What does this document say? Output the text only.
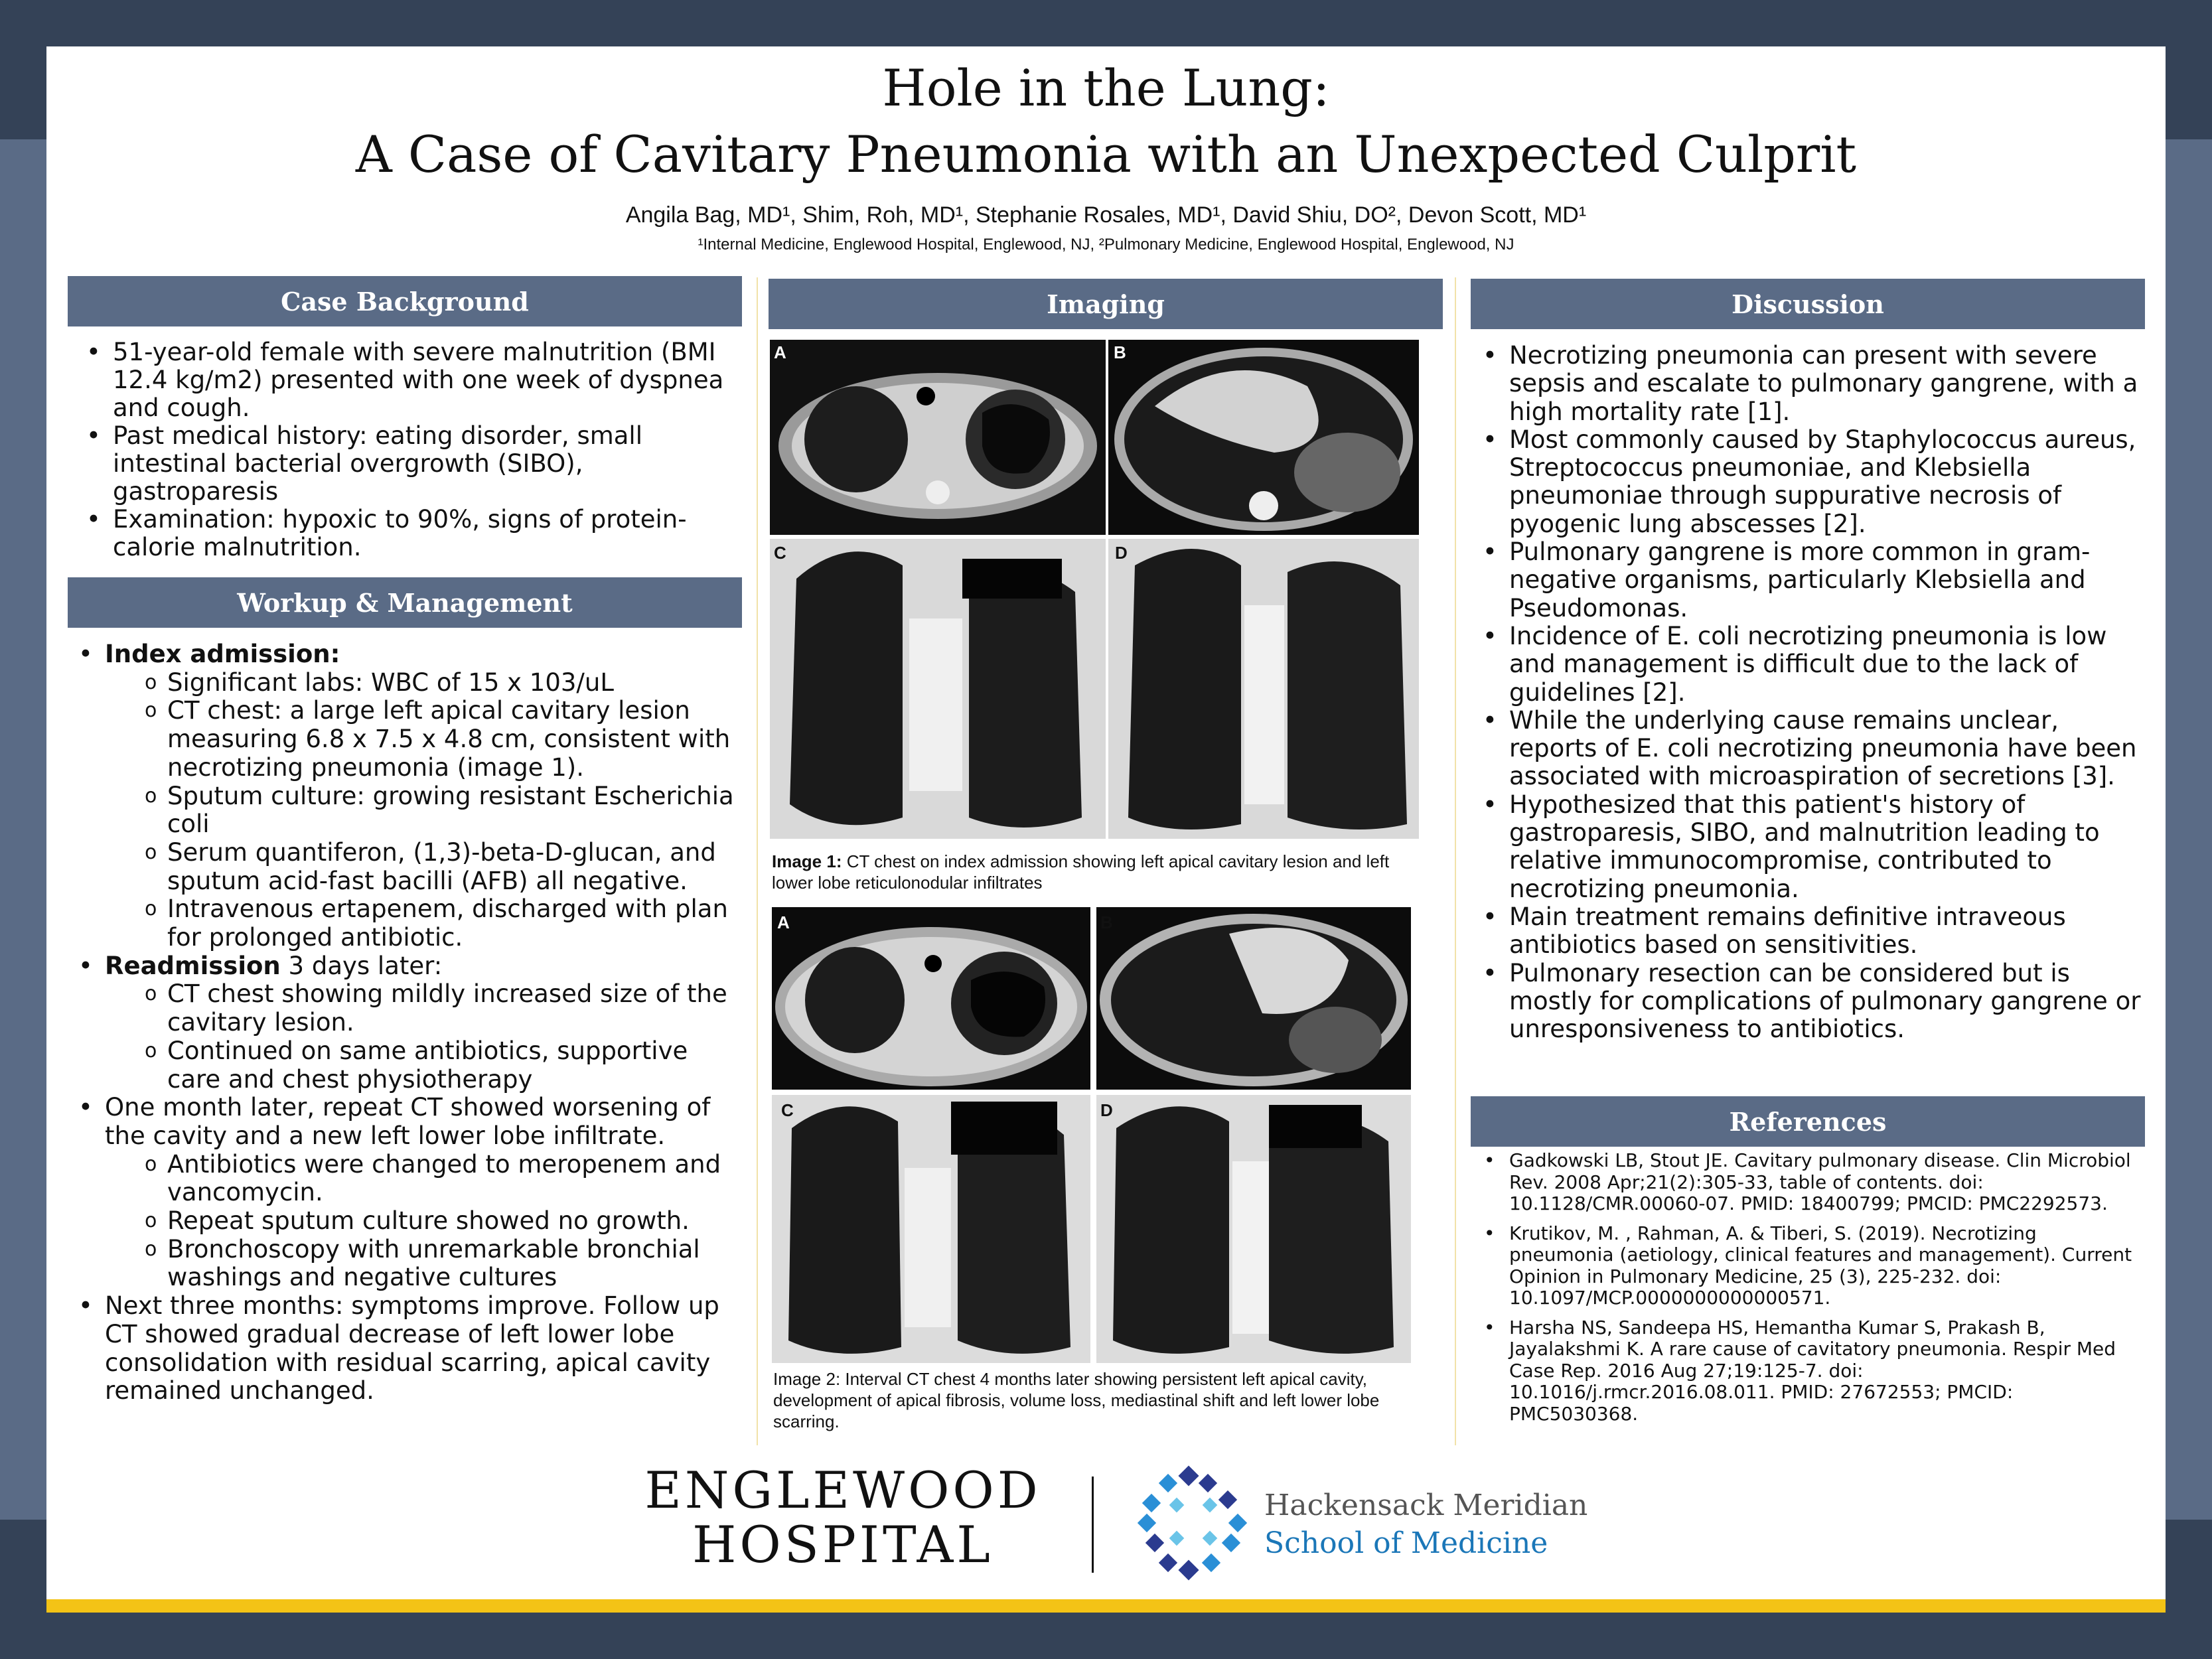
Hole in the Lung:
A Case of Cavitary Pneumonia with an Unexpected Culprit
Angila Bag, MD¹, Shim, Roh, MD¹, Stephanie Rosales, MD¹, David Shiu, DO², Devon Scott, MD¹
¹Internal Medicine, Englewood Hospital, Englewood, NJ, ²Pulmonary Medicine, Englewood Hospital, Englewood, NJ
Case Background
• 51-year-old female with severe malnutrition (BMI 12.4 kg/m2) presented with one week of dyspnea and cough.
• Past medical history: eating disorder, small intestinal bacterial overgrowth (SIBO), gastroparesis
• Examination: hypoxic to 90%, signs of protein-calorie malnutrition.
Workup & Management
• Index admission:
o Significant labs: WBC of 15 x 103/uL
o CT chest: a large left apical cavitary lesion measuring 6.8 x 7.5 x 4.8 cm, consistent with necrotizing pneumonia (image 1).
o Sputum culture: growing resistant Escherichia coli
o Serum quantiferon, (1,3)-beta-D-glucan, and sputum acid-fast bacilli (AFB) all negative.
o Intravenous ertapenem, discharged with plan for prolonged antibiotic.
• Readmission 3 days later:
o CT chest showing mildly increased size of the cavitary lesion.
o Continued on same antibiotics, supportive care and chest physiotherapy
• One month later, repeat CT showed worsening of the cavity and a new left lower lobe infiltrate.
o Antibiotics were changed to meropenem and vancomycin.
o Repeat sputum culture showed no growth.
o Bronchoscopy with unremarkable bronchial washings and negative cultures
• Next three months: symptoms improve. Follow up CT showed gradual decrease of left lower lobe consolidation with residual scarring, apical cavity remained unchanged.
Imaging
A	B
C	D
Image 1: CT chest on index admission showing left apical cavitary lesion and left lower lobe reticulonodular infiltrates
A	B
C	D
Image 2: Interval CT chest 4 months later showing persistent left apical cavity, development of apical fibrosis, volume loss, mediastinal shift and left lower lobe scarring.
Discussion
• Necrotizing pneumonia can present with severe sepsis and escalate to pulmonary gangrene, with a high mortality rate [1].
• Most commonly caused by Staphylococcus aureus, Streptococcus pneumoniae, and Klebsiella pneumoniae through suppurative necrosis of pyogenic lung abscesses [2].
• Pulmonary gangrene is more common in gram-negative organisms, particularly Klebsiella and Pseudomonas.
• Incidence of E. coli necrotizing pneumonia is low and management is difficult due to the lack of guidelines [2].
• While the underlying cause remains unclear, reports of E. coli necrotizing pneumonia have been associated with microaspiration of secretions [3].
• Hypothesized that this patient's history of gastroparesis, SIBO, and malnutrition leading to relative immunocompromise, contributed to necrotizing pneumonia.
• Main treatment remains definitive intraveous antibiotics based on sensitivities.
• Pulmonary resection can be considered but is mostly for complications of pulmonary gangrene or unresponsiveness to antibiotics.
References
• Gadkowski LB, Stout JE. Cavitary pulmonary disease. Clin Microbiol Rev. 2008 Apr;21(2):305-33, table of contents. doi: 10.1128/CMR.00060-07. PMID: 18400799; PMCID: PMC2292573.
• Krutikov, M. , Rahman, A. & Tiberi, S. (2019). Necrotizing pneumonia (aetiology, clinical features and management). Current Opinion in Pulmonary Medicine, 25 (3), 225-232. doi: 10.1097/MCP.0000000000000571.
• Harsha NS, Sandeepa HS, Hemantha Kumar S, Prakash B, Jayalakshmi K. A rare cause of cavitatory pneumonia. Respir Med Case Rep. 2016 Aug 27;19:125-7. doi: 10.1016/j.rmcr.2016.08.011. PMID: 27672553; PMCID: PMC5030368.
ENGLEWOOD
HOSPITAL
Hackensack Meridian
School of Medicine
